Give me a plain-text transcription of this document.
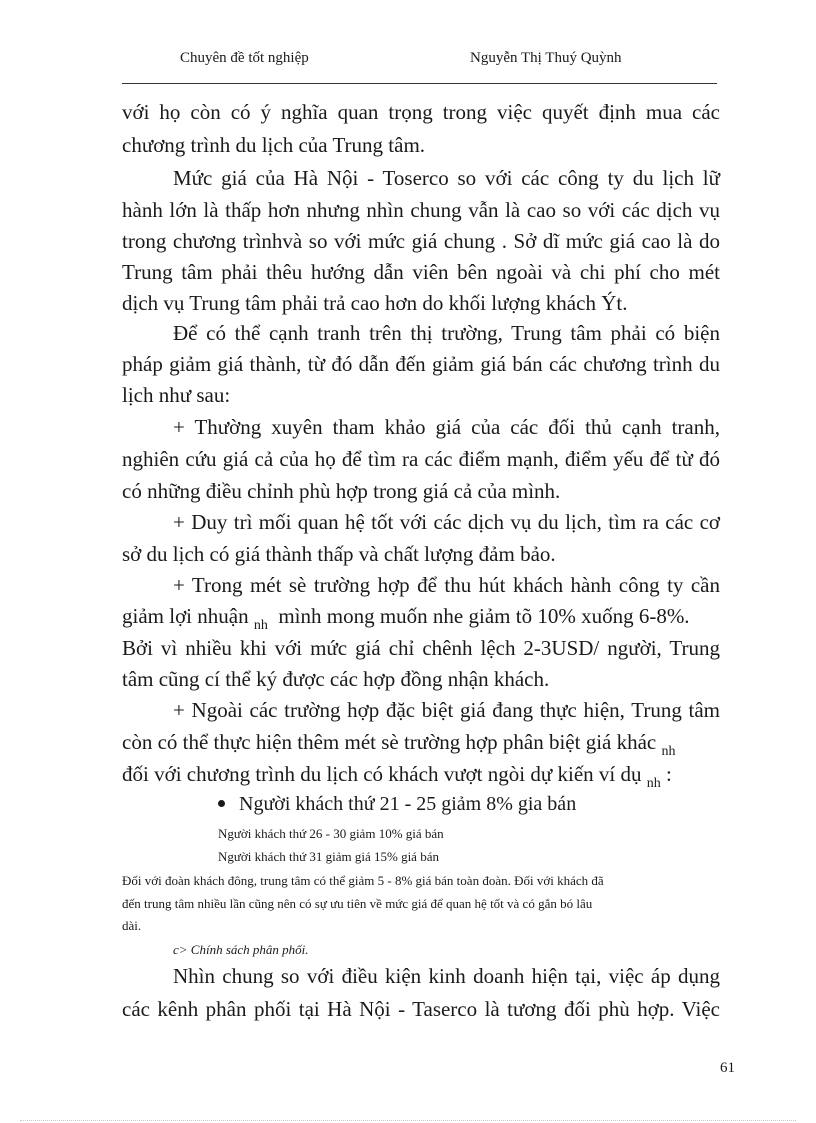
Chuyên đề tốt nghiệp	Nguyễn Thị Thuý Quỳnh
với họ còn có ý nghĩa quan trọng trong việc quyết định mua các
chương trình du lịch của Trung tâm.
Mức giá của Hà Nội - Toserco so với các công ty du lịch lữ
hành lớn là thấp hơn nhưng nhìn chung vẫn là cao so với các dịch vụ
trong chương trìnhvà so với mức giá chung . Sở dĩ mức giá cao là do
Trung tâm phải thêu hướng dẫn viên bên ngoài và chi phí cho mét
dịch vụ Trung tâm phải trả cao hơn do khối lượng khách Ýt.
Để có thể cạnh tranh trên thị trường, Trung tâm phải có biện
pháp giảm giá thành, từ đó dẫn đến giảm giá bán các chương trình du
lịch như sau:
+ Thường xuyên tham khảo giá của các đối thủ cạnh tranh,
nghiên cứu giá cả của họ để tìm ra các điểm mạnh, điểm yếu để từ đó
có những điều chỉnh phù hợp trong giá cả của mình.
+ Duy trì mối quan hệ tốt với các dịch vụ du lịch, tìm ra các cơ
sở du lịch có giá thành thấp và chất lượng đảm bảo.
+ Trong mét sè trường hợp để thu hút khách hành công ty cần
giảm lợi nhuận $_{nh}$ mình mong muốn nhe giảm tõ 10% xuống 6-8%.
Bởi vì nhiều khi với mức giá chỉ chênh lệch 2-3USD/ người, Trung
tâm cũng cí thể ký được các hợp đồng nhận khách.
+ Ngoài các trường hợp đặc biệt giá đang thực hiện, Trung tâm
còn có thể thực hiện thêm mét sè trường hợp phân biệt giá khác $_{nh}$
đối với chương trình du lịch có khách vượt ngòi dự kiến ví dụ $_{nh}$ :
Người khách thứ 21 - 25 giảm 8% gia bán
Người khách thứ 26 - 30 giảm 10% giá bán
Người khách thứ 31 giảm giá 15% giá bán
Đối với đoàn khách đông, trung tâm có thể giảm 5 - 8% giá bán toàn đoàn. Đối với khách đã
đến trung tâm nhiều lần cũng nên có sự ưu tiên về mức giá để quan hệ tốt và có gắn bó lâu
dài.
c> Chính sách phân phối.
Nhìn chung so với điều kiện kinh doanh hiện tại, việc áp dụng
các kênh phân phối tại Hà Nội - Taserco là tương đối phù hợp. Việc
61
